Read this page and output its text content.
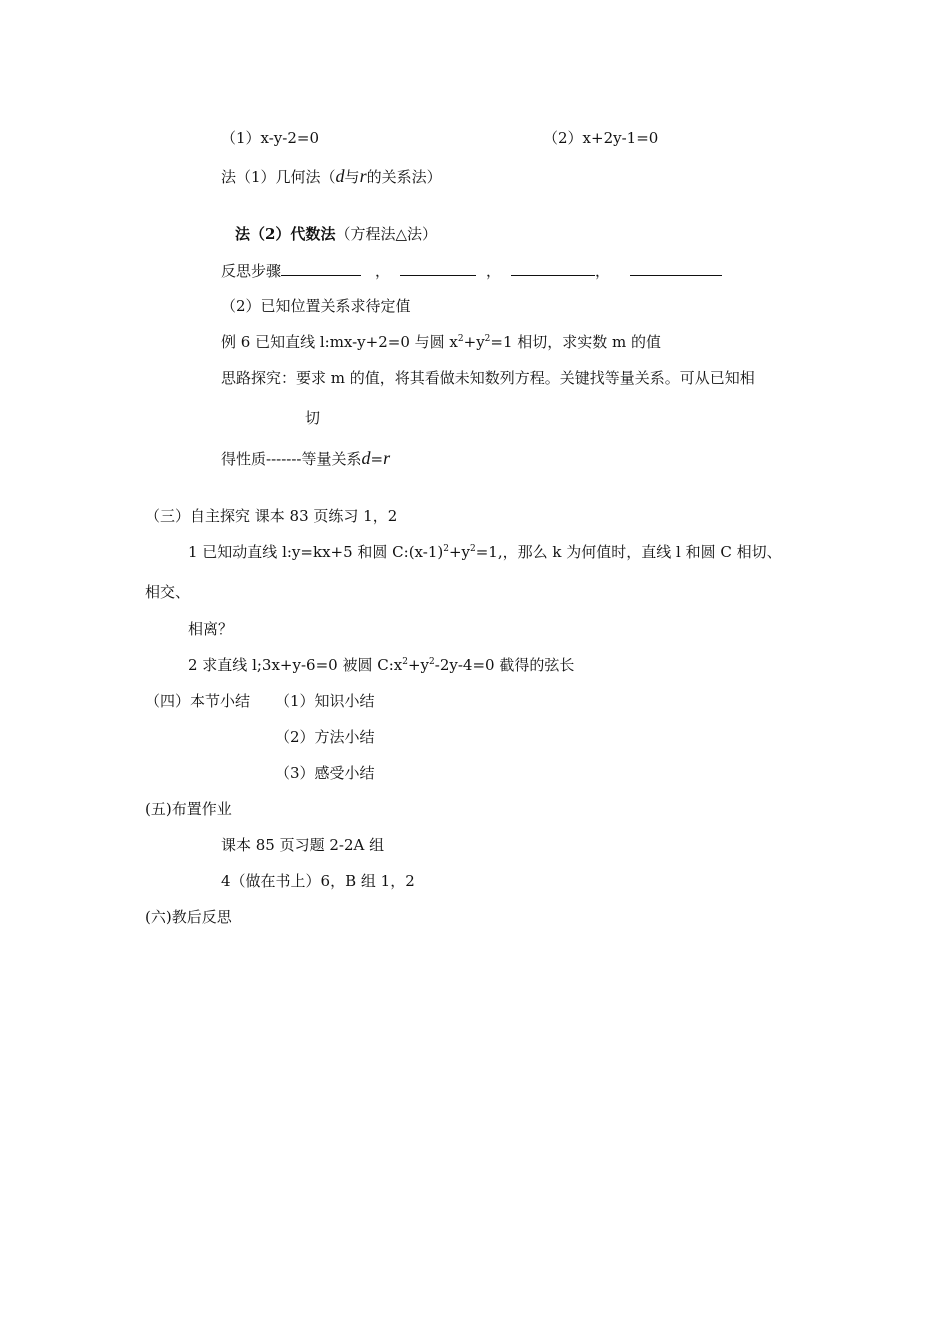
（1）x-y-2=0	（2）x+2y-1=0
法（1）几何法（d与r的关系法）
法（2）代数法（方程法△法）
反思步骤	，	，	，
（2）已知位置关系求待定值
例 6 已知直线 l:mx-y+2=0 与圆 $x^2+y^2=1$ 相切，求实数 m 的值
思路探究：要求 m 的值，将其看做未知数列方程。关键找等量关系。可从已知相
切
得性质-------等量关系d=r
（三）自主探究 课本 83 页练习 1，2
1 已知动直线 l:y=kx+5 和圆 $C:(x-1)^2+y^2=1$,，那么 k 为何值时，直线 l 和圆 C 相切、
相交、
相离？
2 求直线 l;3x+y-6=0 被圆 $C:x^2+y^2-2y-4=0$ 截得的弦长
（四）本节小结 （1）知识小结
（2）方法小结
（3）感受小结
(五)布置作业
课本 85 页习题 2-2A 组
4（做在书上）6，B 组 1，2
(六)教后反思
